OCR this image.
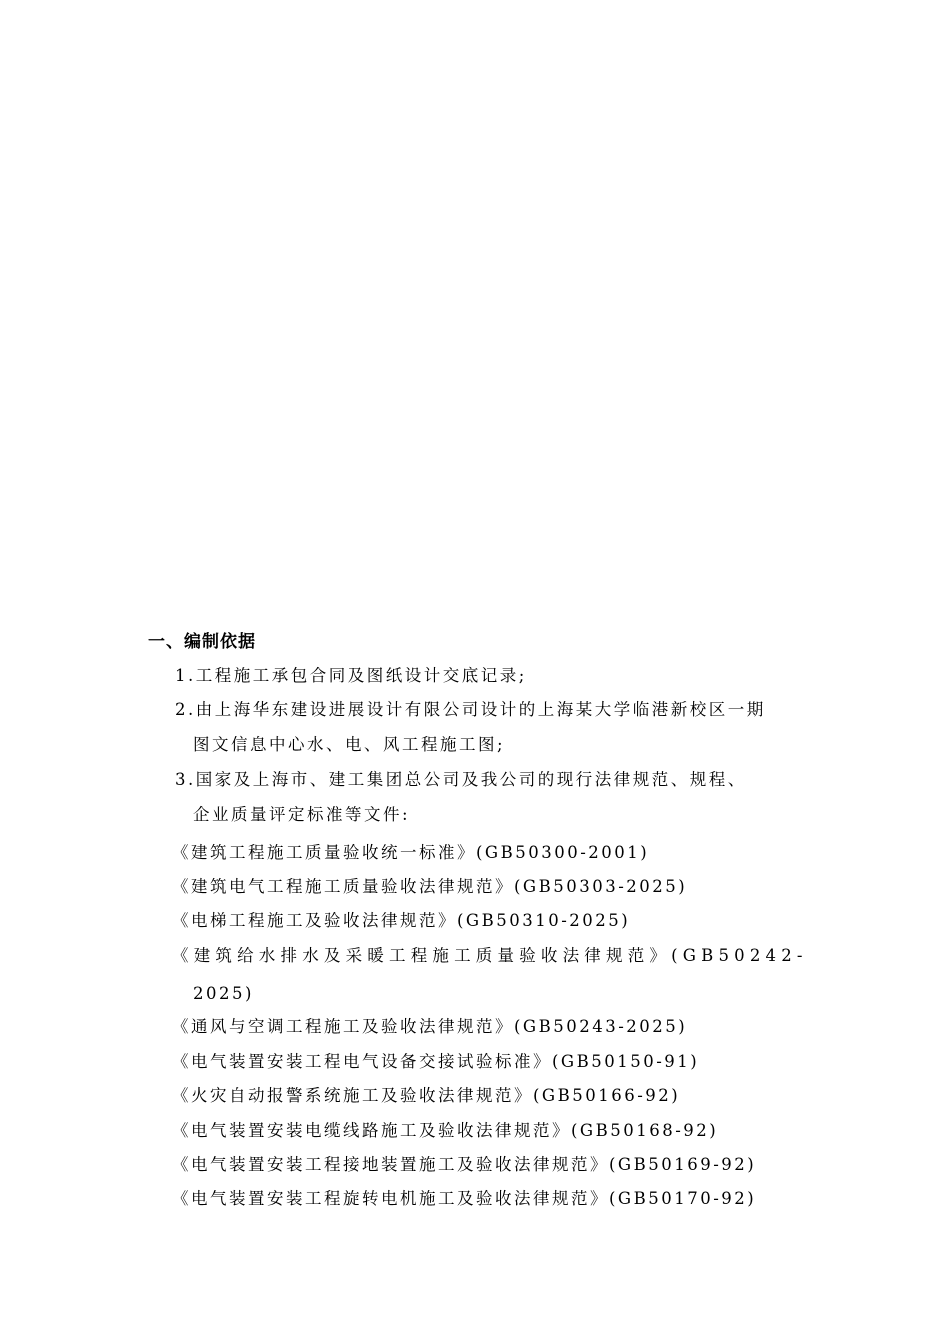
一、编制依据
1.工程施工承包合同及图纸设计交底记录;
2.由上海华东建设进展设计有限公司设计的上海某大学临港新校区一期
图文信息中心水、电、风工程施工图;
3.国家及上海市、建工集团总公司及我公司的现行法律规范、规程、
企业质量评定标准等文件:
《建筑工程施工质量验收统一标准》(GB50300-2001)
《建筑电气工程施工质量验收法律规范》(GB50303-2025)
《电梯工程施工及验收法律规范》(GB50310-2025)
《建筑给水排水及采暖工程施工质量验收法律规范》(GB50242-
2025)
《通风与空调工程施工及验收法律规范》(GB50243-2025)
《电气装置安装工程电气设备交接试验标准》(GB50150-91)
《火灾自动报警系统施工及验收法律规范》(GB50166-92)
《电气装置安装电缆线路施工及验收法律规范》(GB50168-92)
《电气装置安装工程接地装置施工及验收法律规范》(GB50169-92)
《电气装置安装工程旋转电机施工及验收法律规范》(GB50170-92)
